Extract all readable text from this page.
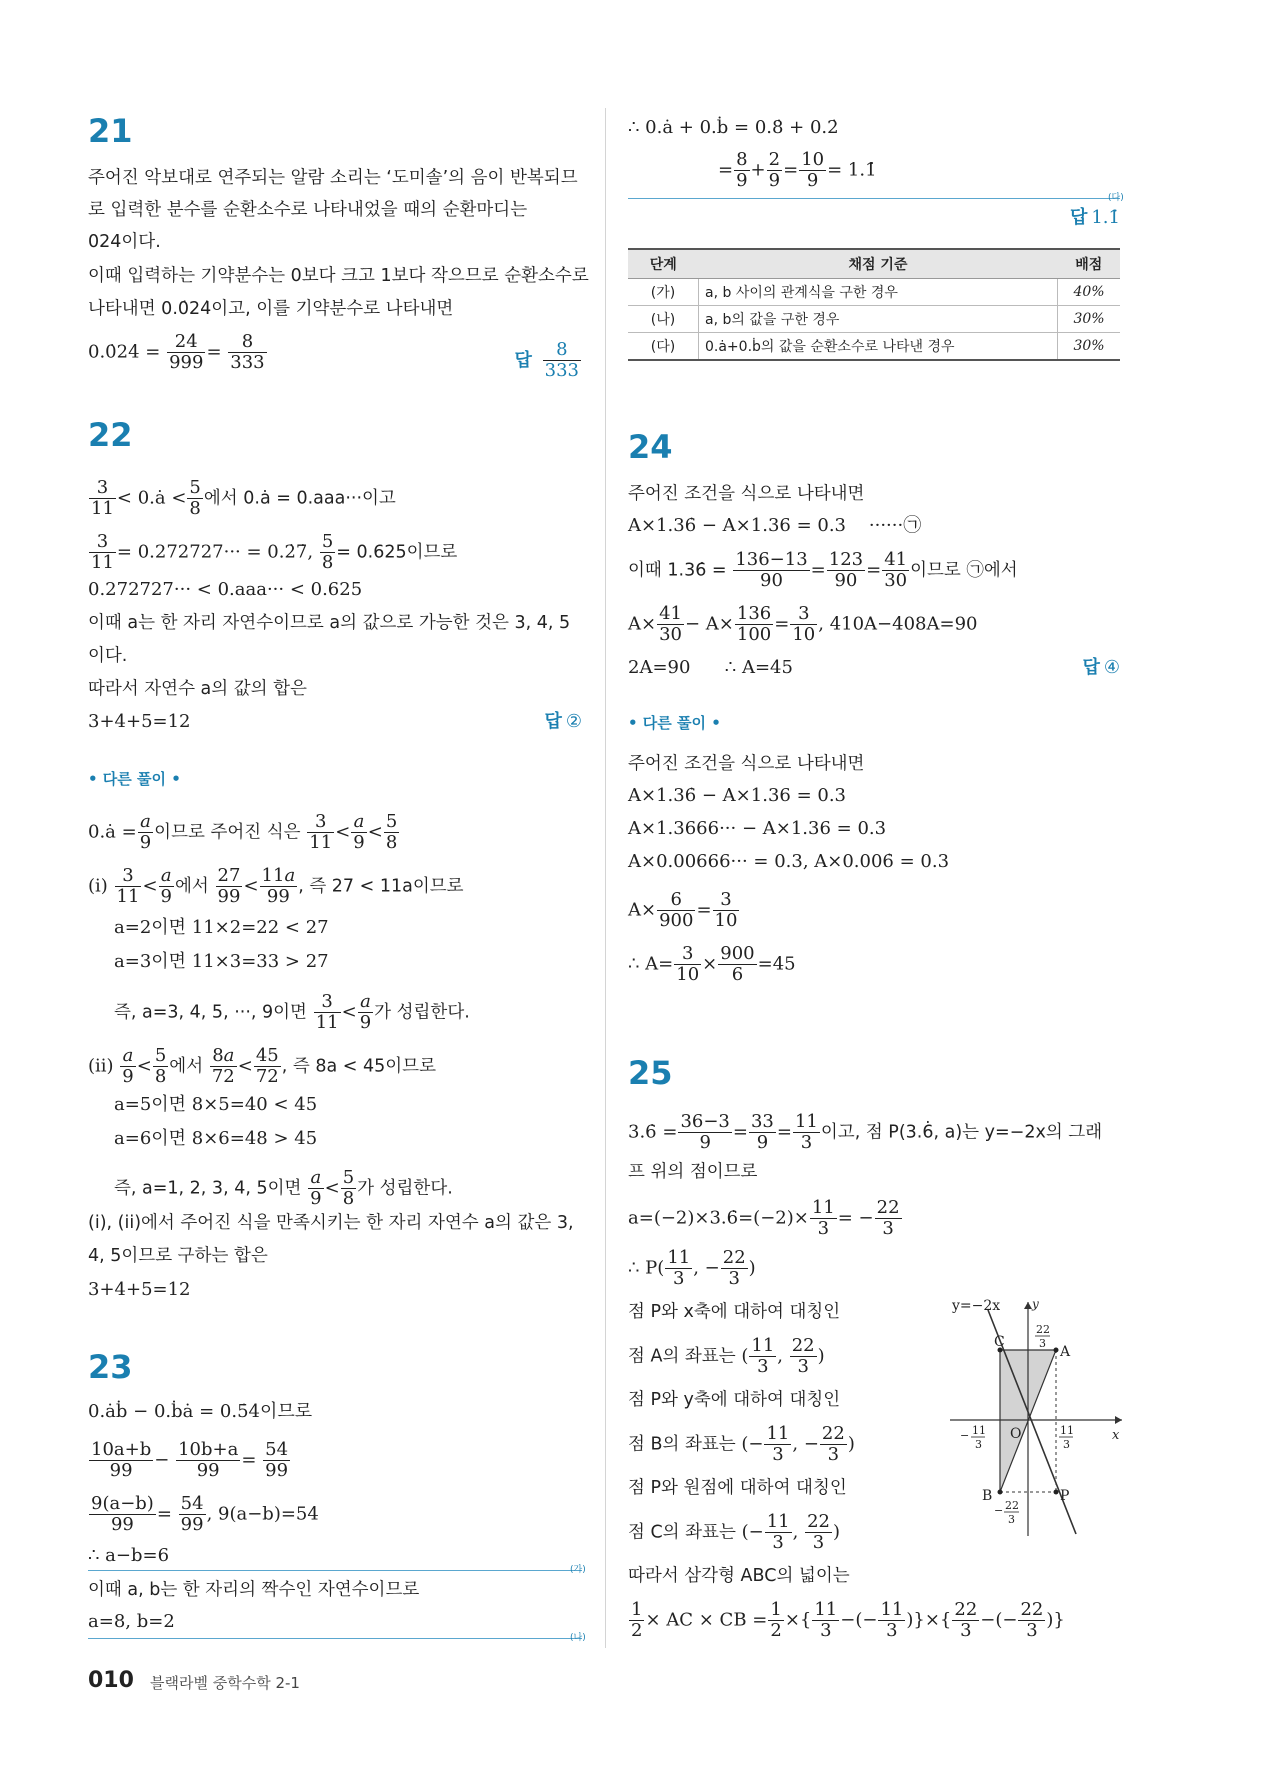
21
주어진 악보대로 연주되는 알람 소리는 ‘도미솔’의 음이 반복되므
로 입력한 분수를 순환소수로 나타내었을 때의 순환마디는
024이다.
이때 입력하는 기약분수는 0보다 크고 1보다 작으므로 순환소수로
나타내면 0.0̇24̇이고, 이를 기약분수로 나타내면
0.0̇24̇ = $\frac{24}{999} = \frac{8}{333}$	답 $\frac{8}{333}$
22
$\frac{3}{11}$ < 0.ȧ < $\frac{5}{8}$ 에서 0.ȧ = 0.aaa···이고
$\frac{3}{11} = 0.272727\cdot\cdot\cdot$ = 0.2̇7̇, $\frac{5}{8} = 0.625$이므로
0.272727··· < 0.aaa··· < 0.625
이때 a는 한 자리 자연수이므로 a의 값으로 가능한 것은 3, 4, 5
이다.
따라서 자연수 a의 값의 합은
3+4+5=12	답 ②
• 다른 풀이 •
0.ȧ = $\frac{a}{9}$ 이므로 주어진 식은 $\frac{3}{11} < \frac{a}{9} < \frac{5}{8}$
$(i) \frac{3}{11} < \frac{a}{9}$ 에서 $\frac{27}{99} < \frac{11a}{99}$ , 즉 27 < 11a이므로
a=2이면 11×2=22 < 27
a=3이면 11×3=33 > 27
즉, a=3, 4, 5, ···, 9이면 $\frac{3}{11} < \frac{a}{9}$ 가 성립한다.
$(ii) \frac{a}{9} < \frac{5}{8}$ 에서 $\frac{8a}{72} < \frac{45}{72}$ , 즉 8a < 45이므로
a=5이면 8×5=40 < 45
a=6이면 8×6=48 > 45
즉, a=1, 2, 3, 4, 5이면 $\frac{a}{9} < \frac{5}{8}$ 가 성립한다.
(i), (ii)에서 주어진 식을 만족시키는 한 자리 자연수 a의 값은 3,
4, 5이므로 구하는 합은
3+4+5=12
23
0.ȧḃ − 0.ḃȧ = 0.5̇4̇이므로
$\frac{10a+b}{99} - \frac{10b+a}{99} = \frac{54}{99}$
$\frac{9(a-b)}{99} = \frac{54}{99}$ , 9(a−b)=54
∴ a−b=6
(가)
이때 a, b는 한 자리의 짝수인 자연수이므로
a=8, b=2
(나)
∴ 0.ȧ + 0.ḃ = 0.8̇ + 0.2̇
= $\frac{8}{9} + \frac{2}{9} = \frac{10}{9}$ = 1.1̇
(다)
답 1.1̇
단계	채점 기준	배점
(가)	a, b 사이의 관계식을 구한 경우	40%
(나)	a, b의 값을 구한 경우	30%
(다)	0.ȧ+0.ḃ의 값을 순환소수로 나타낸 경우	30%
24
주어진 조건을 식으로 나타내면
A×1.36̇ − A×1.36 = 0.3 ······㉠
이때 1.36̇ = $\frac{136-13}{90} = \frac{123}{90} = \frac{41}{30}$ 이므로 ㉠에서
$A\times \frac{41}{30} - A\times \frac{136}{100} = \frac{3}{10}$ , 410A−408A=90
2A=90 ∴ A=45	답 ④
• 다른 풀이 •
주어진 조건을 식으로 나타내면
A×1.36̇ − A×1.36 = 0.3
A×1.3666··· − A×1.36 = 0.3
A×0.00666··· = 0.3, A×0.006̇ = 0.3
$A\times \frac{6}{900} = \frac{3}{10}$
∴ $A= \frac{3}{10} \times \frac{900}{6} =45$
25
3.6̇ = $\frac{36-3}{9} = \frac{33}{9} = \frac{11}{3}$ 이고, 점 P(3.6̇, a)는 y=−2x의 그래
프 위의 점이므로
a=(−2)×3.6̇=(−2)× $\frac{11}{3}$ = − $\frac{22}{3}$
∴ $P( \frac{11}{3}$ , − $\frac{22}{3}$ )
점 P와 x축에 대하여 대칭인
점 A의 좌표는 ( $\frac{11}{3}$ , $\frac{22}{3}$ )
점 P와 y축에 대하여 대칭인
점 B의 좌표는 (− $\frac{11}{3}$ , − $\frac{22}{3}$ )
점 P와 원점에 대하여 대칭인
점 C의 좌표는 (− $\frac{11}{3}$ , $\frac{22}{3}$ )
따라서 삼각형 ABC의 넓이는
$\frac{1}{2}$ × AC × CB = $\frac{1}{2}$ ×{ $\frac{11}{3}$ −(− $\frac{11}{3}$ )}×{ $\frac{22}{3}$ −(− $\frac{22}{3}$ )}
y=−2x	y
x
O
C
A
B	P
22
3
− 11
3
11
3
− 22
3
010 블랙라벨 중학수학 2-1
